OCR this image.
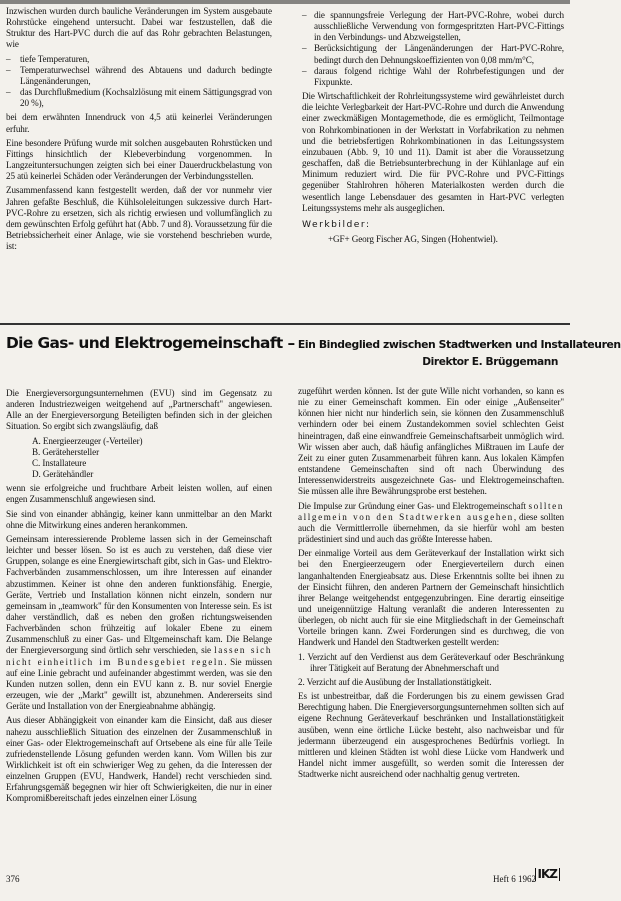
Inzwischen wurden durch bauliche Veränderungen im System ausgebaute Rohrstücke eingehend untersucht. Dabei war festzustellen, daß die Struktur des Hart-PVC durch die auf das Rohr gebrachten Belastungen, wie

– tiefe Temperaturen,
– Temperaturwechsel während des Abtauens und dadurch bedingte Längenänderungen,
– das Durchflußmedium (Kochsalzlösung mit einem Sättigungsgrad von 20 %),

bei dem erwähnten Innendruck von 4,5 atü keinerlei Veränderungen erfuhr.

Eine besondere Prüfung wurde mit solchen ausgebauten Rohrstücken und Fittings hinsichtlich der Klebeverbindung vorgenommen. In Langzeituntersuchungen zeigten sich bei einer Dauerdruckbelastung von 25 atü keinerlei Schäden oder Veränderungen der Verbindungsstellen.

Zusammenfassend kann festgestellt werden, daß der vor nunmehr vier Jahren gefaßte Beschluß, die Kühlsoleleitungen sukzessive durch Hart-PVC-Rohre zu ersetzen, sich als richtig erwiesen und vollumfänglich zu dem gewünschten Erfolg geführt hat (Abb. 7 und 8). Voraussetzung für die Betriebssicherheit einer Anlage, wie sie vorstehend beschrieben wurde, ist:

– die spannungsfreie Verlegung der Hart-PVC-Rohre, wobei durch ausschließliche Verwendung von formgespritzten Hart-PVC-Fittings in den Verbindungs- und Abzweigstellen,
– Berücksichtigung der Längenänderungen der Hart-PVC-Rohre, bedingt durch den Dehnungskoeffizienten von 0,08 mm/m°C,
– daraus folgend richtige Wahl der Rohrbefestigungen und der Fixpunkte.

Die Wirtschaftlichkeit der Rohrleitungssysteme wird gewährleistet durch die leichte Verlegbarkeit der Hart-PVC-Rohre und durch die Anwendung einer zweckmäßigen Montagemethode, die es ermöglicht, Teilmontage von Rohrkombinationen in der Werkstatt in Vorfabrikation zu nehmen und die betriebsfertigen Rohrkombinationen in das Leitungssystem einzubauen (Abb. 9, 10 und 11). Damit ist aber die Voraussetzung geschaffen, daß die Betriebsunterbrechung in der Kühlanlage auf ein Minimum reduziert wird. Die für PVC-Rohre und PVC-Fittings gegenüber Stahlrohren höheren Materialkosten werden durch die wesentlich lange Lebensdauer des gesamten in Hart-PVC verlegten Leitungssystems mehr als ausgeglichen.

Werkbilder:
+GF+ Georg Fischer AG, Singen (Hohentwiel).
Die Gas- und Elektrogemeinschaft – Ein Bindeglied zwischen Stadtwerken und Installateuren
Direktor E. Brüggemann

Die Energieversorgungsunternehmen (EVU) sind im Gegensatz zu anderen Industriezweigen weitgehend auf „Partnerschaft" angewiesen. Alle an der Energieversorgung Beteiligten befinden sich in der gleichen Situation. So ergibt sich zwangsläufig, daß

A. Energieerzeuger (-Verteiler)
B. Gerätehersteller
C. Installateure
D. Gerätehändler

wenn sie erfolgreiche und fruchtbare Arbeit leisten wollen, auf einen engen Zusammenschluß angewiesen sind.

Sie sind von einander abhängig, keiner kann unmittelbar an den Markt ohne die Mitwirkung eines anderen herankommen.

Gemeinsam interessierende Probleme lassen sich in der Gemeinschaft leichter und besser lösen. So ist es auch zu verstehen, daß diese vier Gruppen, solange es eine Energiewirtschaft gibt, sich in Gas- und Elektro-Fachverbänden zusammenschlossen, um ihre Interessen auf einander abzustimmen. Keiner ist ohne den anderen funktionsfähig. Energie, Geräte, Vertrieb und Installation können nicht einzeln, sondern nur gemeinsam in „teamwork" für den Konsumenten von Interesse sein. Es ist daher verständlich, daß es neben den großen richtungsweisenden Fachverbänden schon frühzeitig auf lokaler Ebene zu einem Zusammenschluß zu einer Gas- und Eltgemeinschaft kam. Die Belange der Energieversorgung sind örtlich sehr verschieden, sie lassen sich nicht einheitlich im Bundesgebiet regeln. Sie müssen auf eine Linie gebracht und aufeinander abgestimmt werden, was sie den Kunden nutzen sollen, denn ein EVU kann z. B. nur soviel Energie erzeugen, wie der „Markt" gewillt ist, abzunehmen. Andererseits sind Geräte und Installation von der Energieabnahme abhängig.

Aus dieser Abhängigkeit von einander kam die Einsicht, daß aus dieser nahezu ausschließlich Situation des einzelnen der Zusammenschluß in einer Gas- oder Elektrogemeinschaft auf Ortsebene als eine für alle Teile zufriedenstellende Lösung gefunden werden kann. Vom Willen bis zur Wirklichkeit ist oft ein schwieriger Weg zu gehen, da die Interessen der einzelnen Gruppen (EVU, Handwerk, Handel) recht verschieden sind. Erfahrungsgemäß begegnen wir hier oft Schwierigkeiten, die nur in einer Kompromißbereitschaft jedes einzelnen einer Lösung

zugeführt werden können. Ist der gute Wille nicht vorhanden, so kann es nie zu einer Gemeinschaft kommen. Ein oder einige „Außenseiter" können hier nicht nur hinderlich sein, sie können den Zusammenschluß verhindern oder bei einem Zustandekommen soviel schlechten Geist hineintragen, daß eine einwandfreie Gemeinschaftsarbeit unmöglich wird. Wir wissen aber auch, daß häufig anfängliches Mißtrauen im Laufe der Zeit zu einer guten Zusammenarbeit führen kann. Aus lokalen Kämpfen entstandene Gemeinschaften sind oft nach Überwindung des Interessenwiderstreits ausgezeichnete Gas- und Elektrogemeinschaften. Sie müssen alle ihre Bewährungsprobe erst bestehen.

Die Impulse zur Gründung einer Gas- und Elektrogemeinschaft sollten allgemein von den Stadtwerken ausgehen, diese sollten auch die Vermittlerrolle übernehmen, da sie hierfür wohl am besten prädestiniert sind und auch das größte Interesse haben.

Der einmalige Vorteil aus dem Geräteverkauf der Installation wirkt sich bei den Energieerzeugern oder Energieverteilern durch einen langanhaltenden Energieabsatz aus. Diese Erkenntnis sollte bei ihnen zu der Einsicht führen, den anderen Partnern der Gemeinschaft hinsichtlich ihrer Belange weitgehendst entgegenzubringen. Eine derartig einseitige und uneigennützige Haltung veranlaßt die anderen Interessenten zu überlegen, ob nicht auch für sie eine Mitgliedschaft in der Gemeinschaft Vorteile bringen kann. Zwei Forderungen sind es durchweg, die von Handwerk und Handel den Stadtwerken gestellt werden:

1. Verzicht auf den Verdienst aus dem Geräteverkauf oder Beschränkung ihrer Tätigkeit auf Beratung der Abnehmerschaft und

2. Verzicht auf die Ausübung der Installationstätigkeit.

Es ist unbestreitbar, daß die Forderungen bis zu einem gewissen Grad Berechtigung haben. Die Energieversorgungsunternehmen sollten sich auf eigene Rechnung Geräteverkauf beschränken und Installationstätigkeit ausüben, wenn eine örtliche Lücke besteht, also nachweisbar und für jedermann überzeugend ein ausgesprochenes Bedürfnis vorliegt. In mittleren und kleinen Städten ist wohl diese Lücke vom Handwerk und Handel nicht immer ausgefüllt, so werden somit die Interessen der Stadtwerke nicht ausreichend oder nachhaltig genug vertreten.

376	Heft 6 1962 IKZ
